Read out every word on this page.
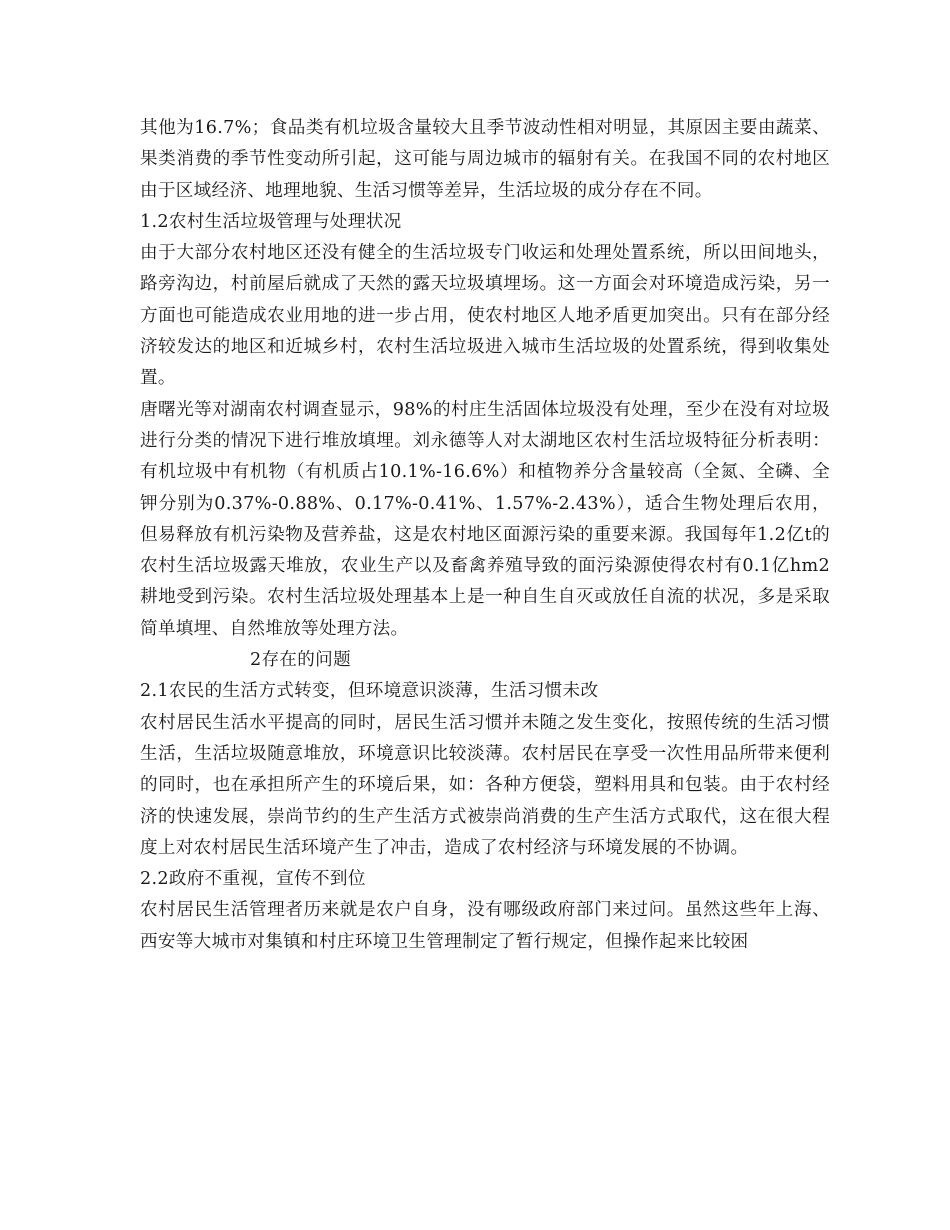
其他为16.7%；食品类有机垃圾含量较大且季节波动性相对明显，其原因主要由蔬菜、果类消费的季节性变动所引起，这可能与周边城市的辐射有关。在我国不同的农村地区由于区域经济、地理地貌、生活习惯等差异，生活垃圾的成分存在不同。

1.2农村生活垃圾管理与处理状况

由于大部分农村地区还没有健全的生活垃圾专门收运和处理处置系统，所以田间地头，路旁沟边，村前屋后就成了天然的露天垃圾填埋场。这一方面会对环境造成污染，另一方面也可能造成农业用地的进一步占用，使农村地区人地矛盾更加突出。只有在部分经济较发达的地区和近城乡村，农村生活垃圾进入城市生活垃圾的处置系统，得到收集处置。

唐曙光等对湖南农村调查显示，98%的村庄生活固体垃圾没有处理，至少在没有对垃圾进行分类的情况下进行堆放填埋。刘永德等人对太湖地区农村生活垃圾特征分析表明：有机垃圾中有机物（有机质占10.1%-16.6%）和植物养分含量较高（全氮、全磷、全钾分别为0.37%-0.88%、0.17%-0.41%、1.57%-2.43%），适合生物处理后农用，但易释放有机污染物及营养盐，这是农村地区面源污染的重要来源。我国每年1.2亿t的农村生活垃圾露天堆放，农业生产以及畜禽养殖导致的面污染源使得农村有0.1亿hm2耕地受到污染。农村生活垃圾处理基本上是一种自生自灭或放任自流的状况，多是采取简单填埋、自然堆放等处理方法。

2存在的问题

2.1农民的生活方式转变，但环境意识淡薄，生活习惯未改

农村居民生活水平提高的同时，居民生活习惯并未随之发生变化，按照传统的生活习惯生活，生活垃圾随意堆放，环境意识比较淡薄。农村居民在享受一次性用品所带来便利的同时，也在承担所产生的环境后果，如：各种方便袋，塑料用具和包装。由于农村经济的快速发展，崇尚节约的生产生活方式被崇尚消费的生产生活方式取代，这在很大程度上对农村居民生活环境产生了冲击，造成了农村经济与环境发展的不协调。

2.2政府不重视，宣传不到位

农村居民生活管理者历来就是农户自身，没有哪级政府部门来过问。虽然这些年上海、西安等大城市对集镇和村庄环境卫生管理制定了暂行规定，但操作起来比较困
